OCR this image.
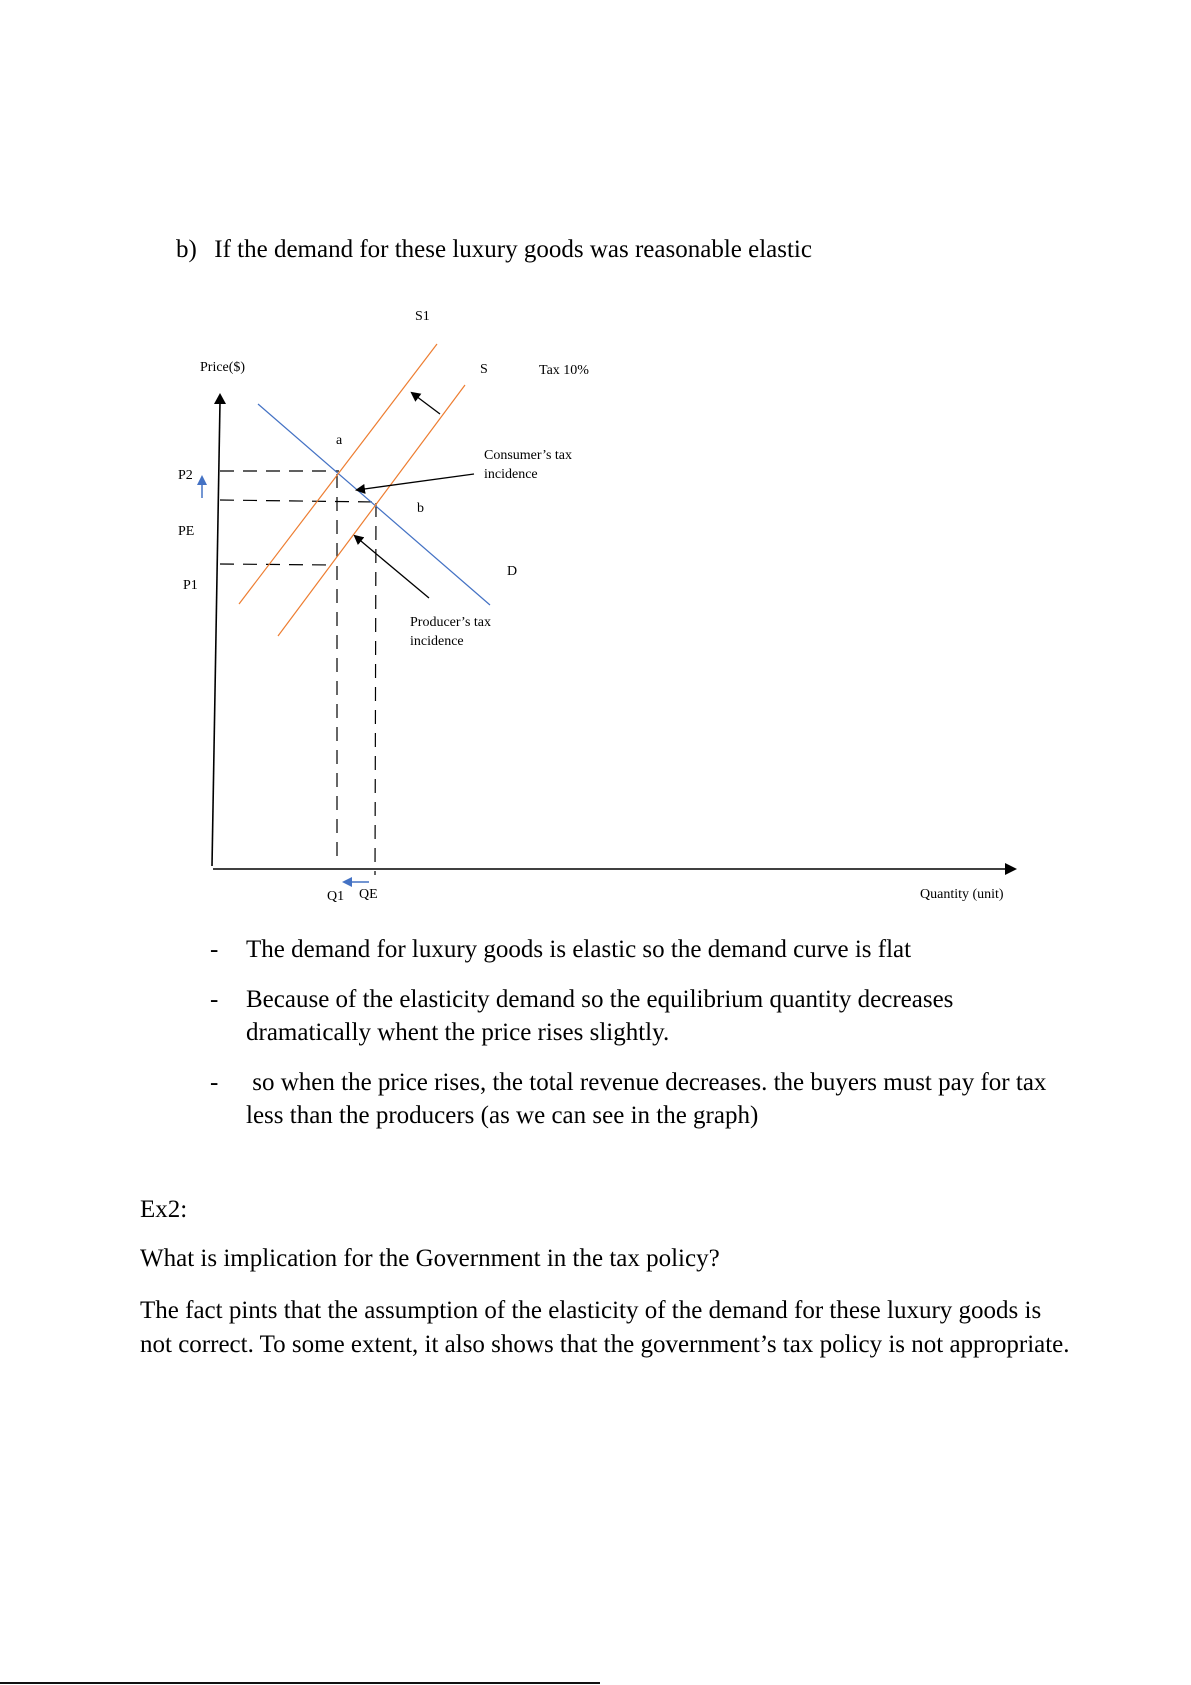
b) If the demand for these luxury goods was reasonable elastic
Price($)
Quantity (unit)
S1
S
D
Tax 10%
a
b
P2
PE
P1
Q1 QE
Consumer’s tax
incidence
Producer’s tax
incidence
-	The demand for luxury goods is elastic so the demand curve is flat
-	Because of the elasticity demand so the equilibrium quantity decreases dramatically whent the price rises slightly.
-	so when the price rises, the total revenue decreases. the buyers must pay for tax less than the producers (as we can see in the graph)
Ex2:
What is implication for the Government in the tax policy?
The fact pints that the assumption of the elasticity of the demand for these luxury goods is not correct. To some extent, it also shows that the government’s tax policy is not appropriate.
